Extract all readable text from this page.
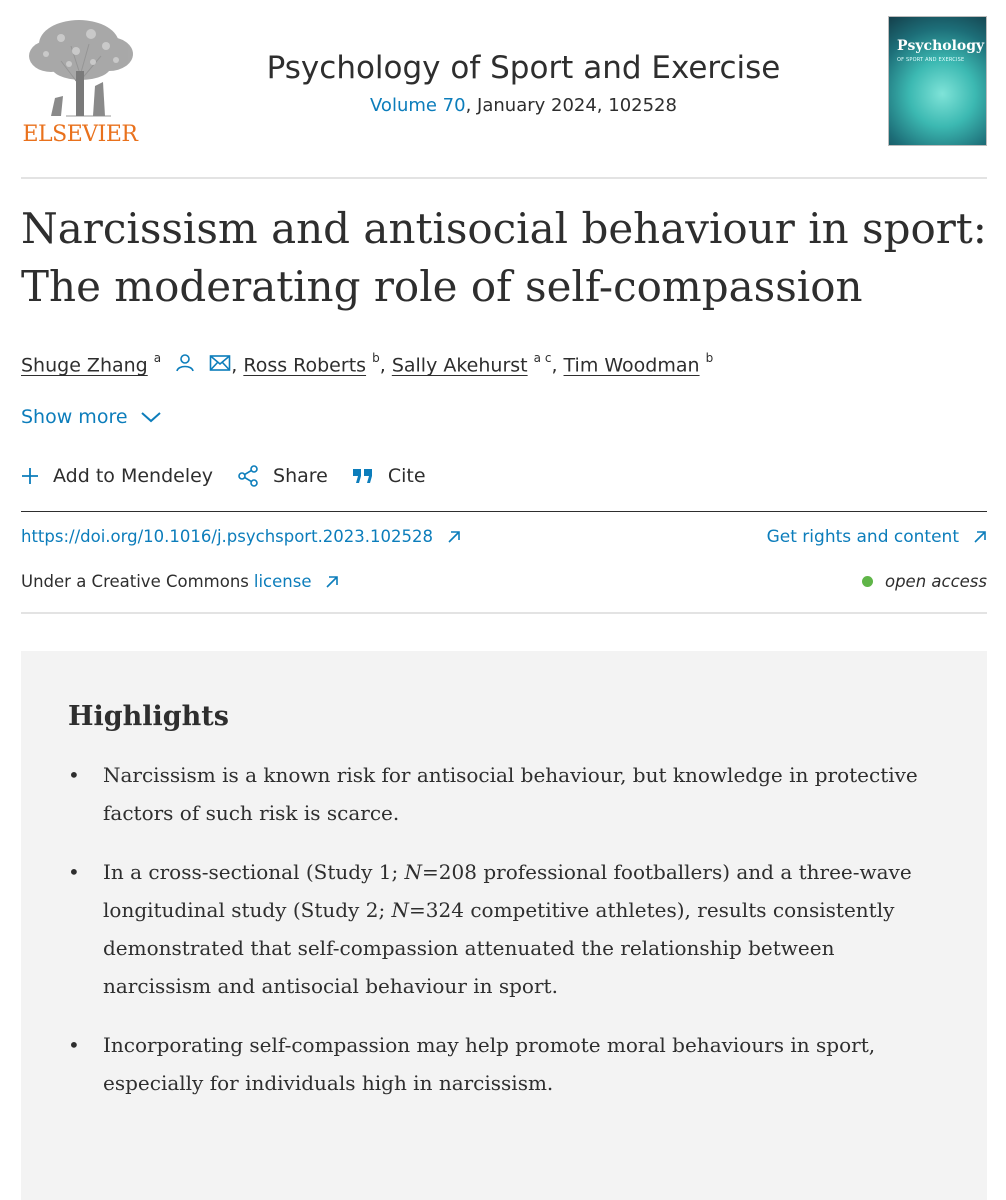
ELSEVIER
Psychology of Sport and Exercise
Volume 70, January 2024, 102528
Psychology
OF SPORT AND EXERCISE
Narcissism and antisocial behaviour in sport:
The moderating role of self-compassion
Shuge Zhang $^a$	, Ross Roberts $^b$, Sally Akehurst $^{a c}$, Tim Woodman $^b$
Show more
Add to Mendeley	Share	Cite
https://doi.org/10.1016/j.psychsport.2023.102528	Get rights and content
Under a Creative Commons license	open access
Highlights
• Narcissism is a known risk for antisocial behaviour, but knowledge in protective factors of such risk is scarce.
• In a cross-sectional (Study 1; N=208 professional footballers) and a three-wave longitudinal study (Study 2; N=324 competitive athletes), results consistently demonstrated that self-compassion attenuated the relationship between narcissism and antisocial behaviour in sport.
• Incorporating self-compassion may help promote moral behaviours in sport, especially for individuals high in narcissism.
